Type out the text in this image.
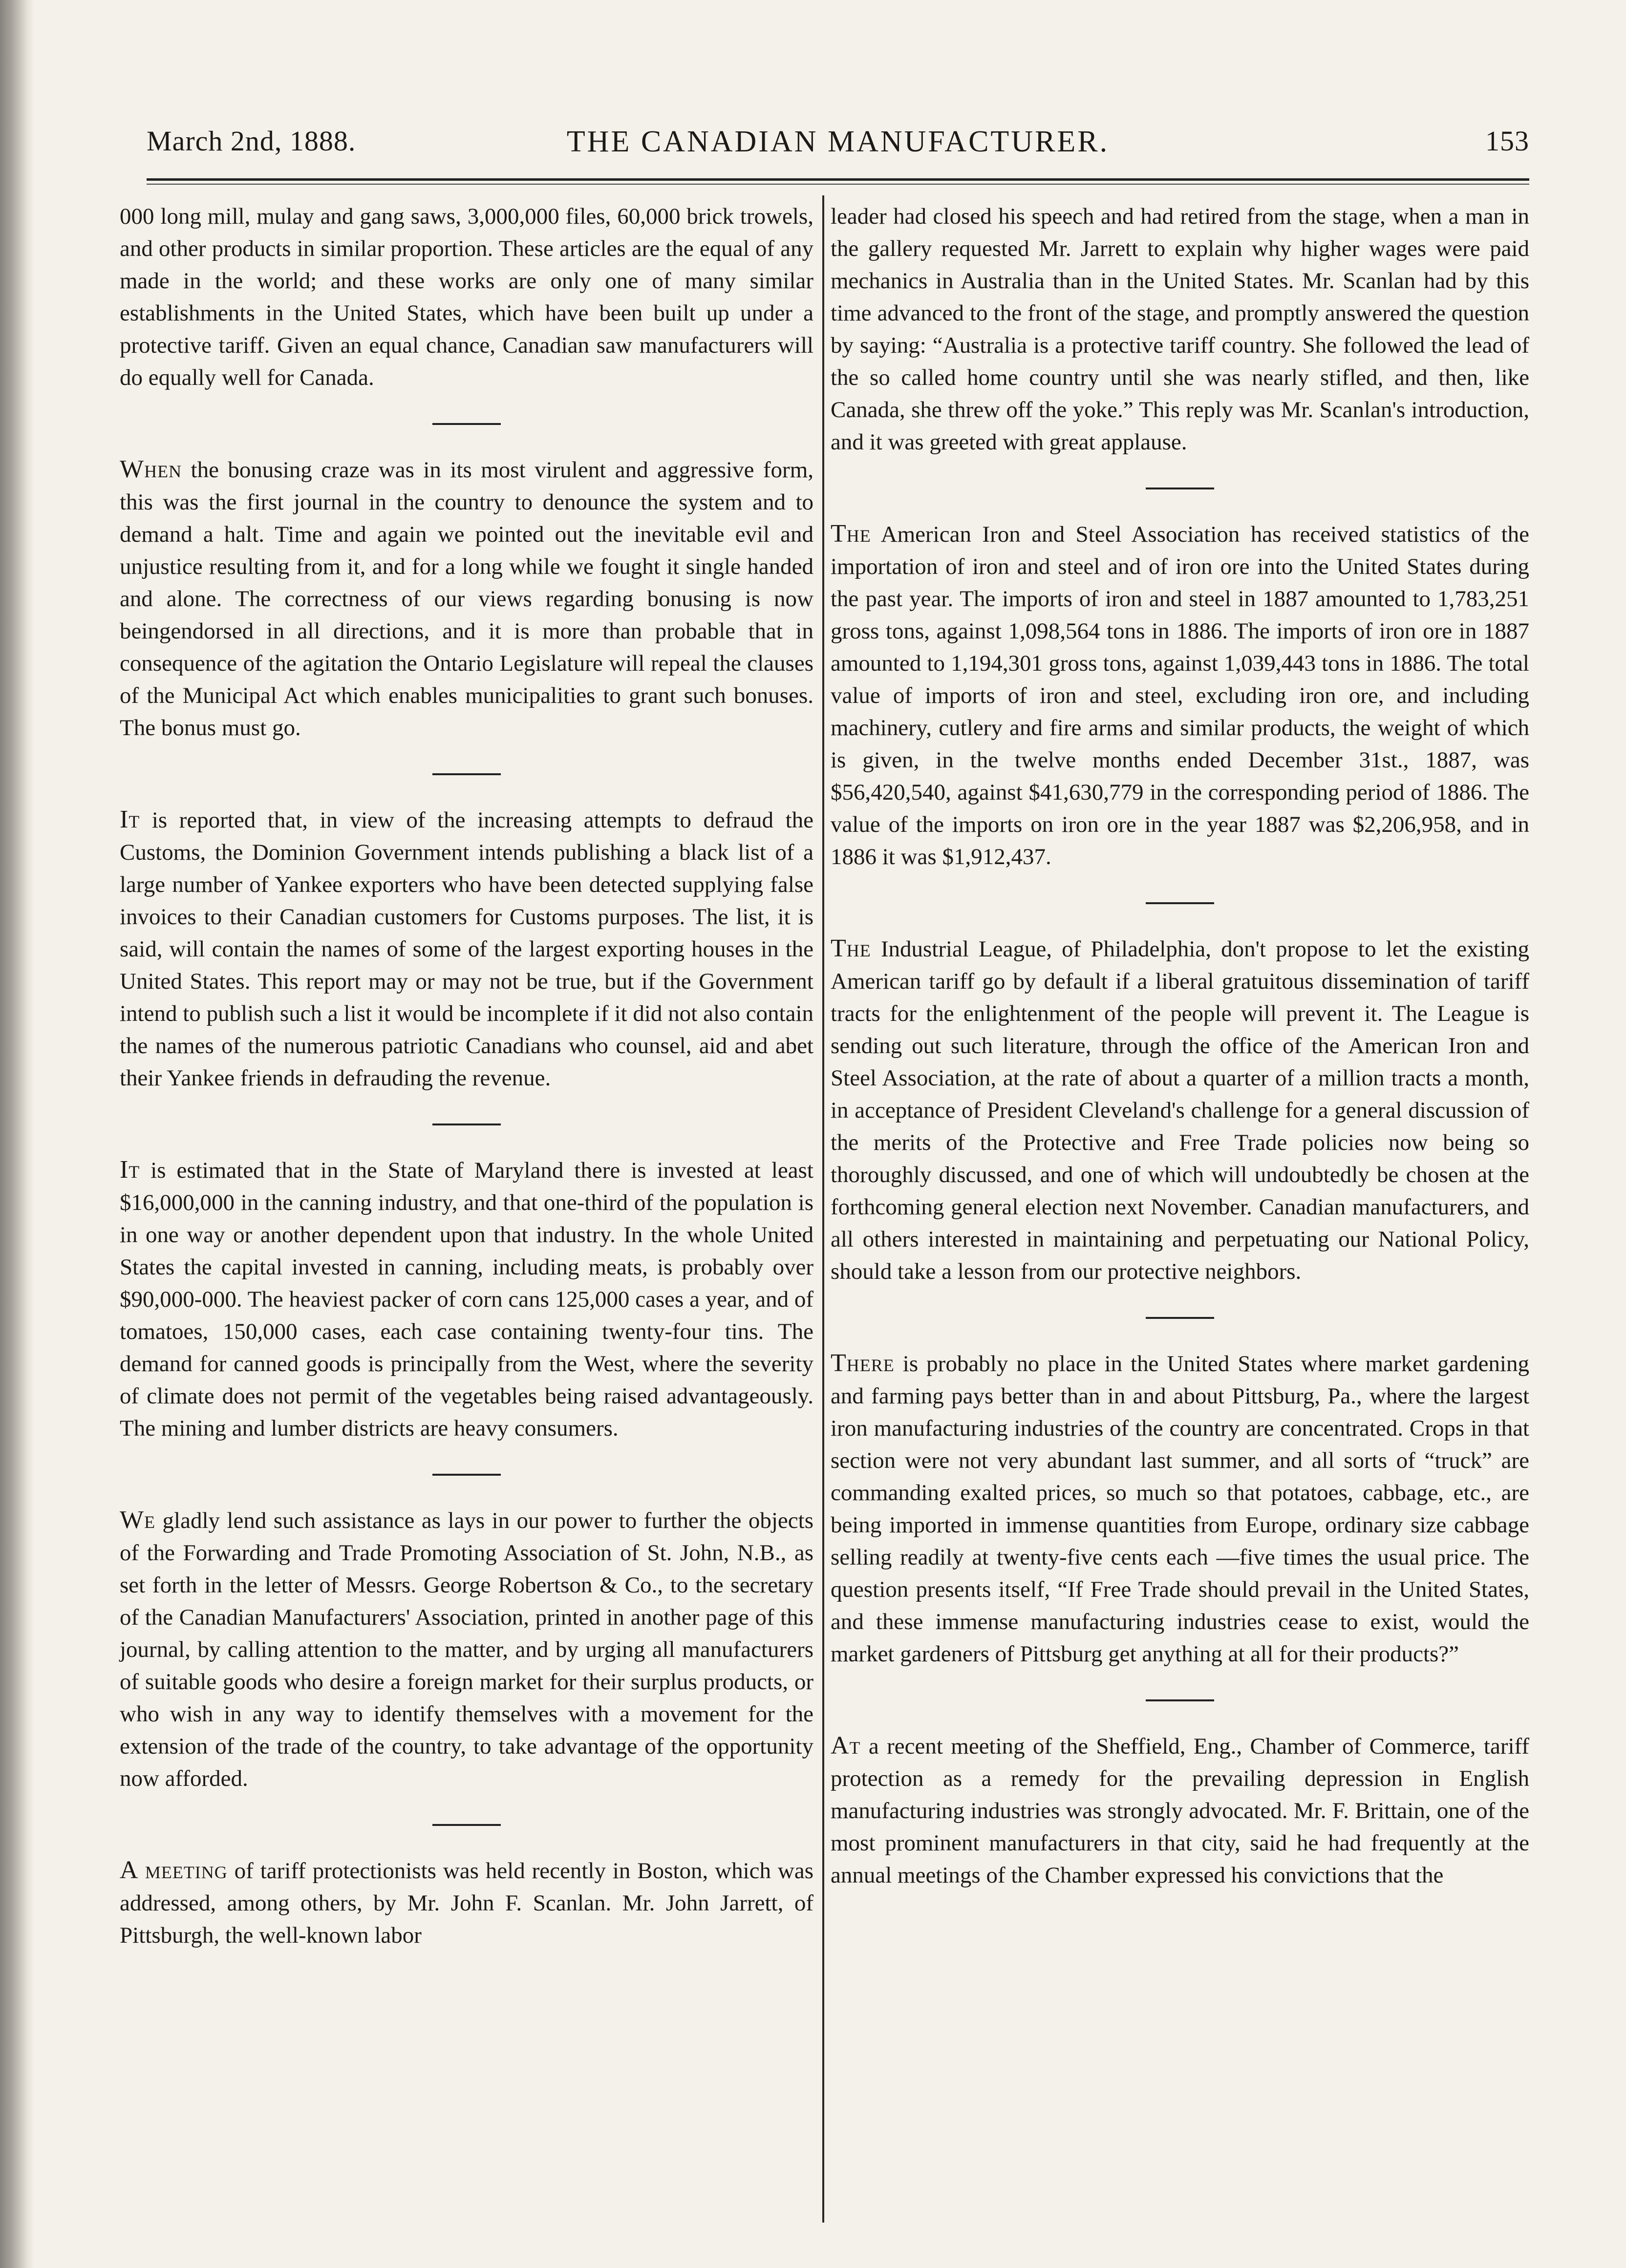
March 2nd, 1888.	THE CANADIAN MANUFACTURER.	153

000 long mill, mulay and gang saws, 3,000,000 files, 60,000 brick trowels, and other products in similar proportion. These articles are the equal of any made in the world; and these works are only one of many similar establishments in the United States, which have been built up under a protective tariff. Given an equal chance, Canadian saw manufacturers will do equally well for Canada.

When the bonusing craze was in its most virulent and aggressive form, this was the first journal in the country to denounce the system and to demand a halt. Time and again we pointed out the inevitable evil and unjustice resulting from it, and for a long while we fought it single handed and alone. The correctness of our views regarding bonusing is now beingendorsed in all directions, and it is more than probable that in consequence of the agitation the Ontario Legislature will repeal the clauses of the Municipal Act which enables municipalities to grant such bonuses. The bonus must go.

It is reported that, in view of the increasing attempts to defraud the Customs, the Dominion Government intends publishing a black list of a large number of Yankee exporters who have been detected supplying false invoices to their Canadian customers for Customs purposes. The list, it is said, will contain the names of some of the largest exporting houses in the United States. This report may or may not be true, but if the Government intend to publish such a list it would be incomplete if it did not also contain the names of the numerous patriotic Canadians who counsel, aid and abet their Yankee friends in defrauding the revenue.

It is estimated that in the State of Maryland there is invested at least $16,000,000 in the canning industry, and that one-third of the population is in one way or another dependent upon that industry. In the whole United States the capital invested in canning, including meats, is probably over $90,000-000. The heaviest packer of corn cans 125,000 cases a year, and of tomatoes, 150,000 cases, each case containing twenty-four tins. The demand for canned goods is principally from the West, where the severity of climate does not permit of the vegetables being raised advantageously. The mining and lumber districts are heavy consumers.

We gladly lend such assistance as lays in our power to further the objects of the Forwarding and Trade Promoting Association of St. John, N.B., as set forth in the letter of Messrs. George Robertson & Co., to the secretary of the Canadian Manufacturers' Association, printed in another page of this journal, by calling attention to the matter, and by urging all manufacturers of suitable goods who desire a foreign market for their surplus products, or who wish in any way to identify themselves with a movement for the extension of the trade of the country, to take advantage of the opportunity now afforded.

A meeting of tariff protectionists was held recently in Boston, which was addressed, among others, by Mr. John F. Scanlan. Mr. John Jarrett, of Pittsburgh, the well-known labor

leader had closed his speech and had retired from the stage, when a man in the gallery requested Mr. Jarrett to explain why higher wages were paid mechanics in Australia than in the United States. Mr. Scanlan had by this time advanced to the front of the stage, and promptly answered the question by saying: “Australia is a protective tariff country. She followed the lead of the so called home country until she was nearly stifled, and then, like Canada, she threw off the yoke.” This reply was Mr. Scanlan's introduction, and it was greeted with great applause.

The American Iron and Steel Association has received statistics of the importation of iron and steel and of iron ore into the United States during the past year. The imports of iron and steel in 1887 amounted to 1,783,251 gross tons, against 1,098,564 tons in 1886. The imports of iron ore in 1887 amounted to 1,194,301 gross tons, against 1,039,443 tons in 1886. The total value of imports of iron and steel, excluding iron ore, and including machinery, cutlery and fire arms and similar products, the weight of which is given, in the twelve months ended December 31st., 1887, was $56,420,540, against $41,630,779 in the corresponding period of 1886. The value of the imports on iron ore in the year 1887 was $2,206,958, and in 1886 it was $1,912,437.

The Industrial League, of Philadelphia, don't propose to let the existing American tariff go by default if a liberal gratuitous dissemination of tariff tracts for the enlightenment of the people will prevent it. The League is sending out such literature, through the office of the American Iron and Steel Association, at the rate of about a quarter of a million tracts a month, in acceptance of President Cleveland's challenge for a general discussion of the merits of the Protective and Free Trade policies now being so thoroughly discussed, and one of which will undoubtedly be chosen at the forthcoming general election next November. Canadian manufacturers, and all others interested in maintaining and perpetuating our National Policy, should take a lesson from our protective neighbors.

There is probably no place in the United States where market gardening and farming pays better than in and about Pittsburg, Pa., where the largest iron manufacturing industries of the country are concentrated. Crops in that section were not very abundant last summer, and all sorts of “truck” are commanding exalted prices, so much so that potatoes, cabbage, etc., are being imported in immense quantities from Europe, ordinary size cabbage selling readily at twenty-five cents each —five times the usual price. The question presents itself, “If Free Trade should prevail in the United States, and these immense manufacturing industries cease to exist, would the market gardeners of Pittsburg get anything at all for their products?”

At a recent meeting of the Sheffield, Eng., Chamber of Commerce, tariff protection as a remedy for the prevailing depression in English manufacturing industries was strongly advocated. Mr. F. Brittain, one of the most prominent manufacturers in that city, said he had frequently at the annual meetings of the Chamber expressed his convictions that the
